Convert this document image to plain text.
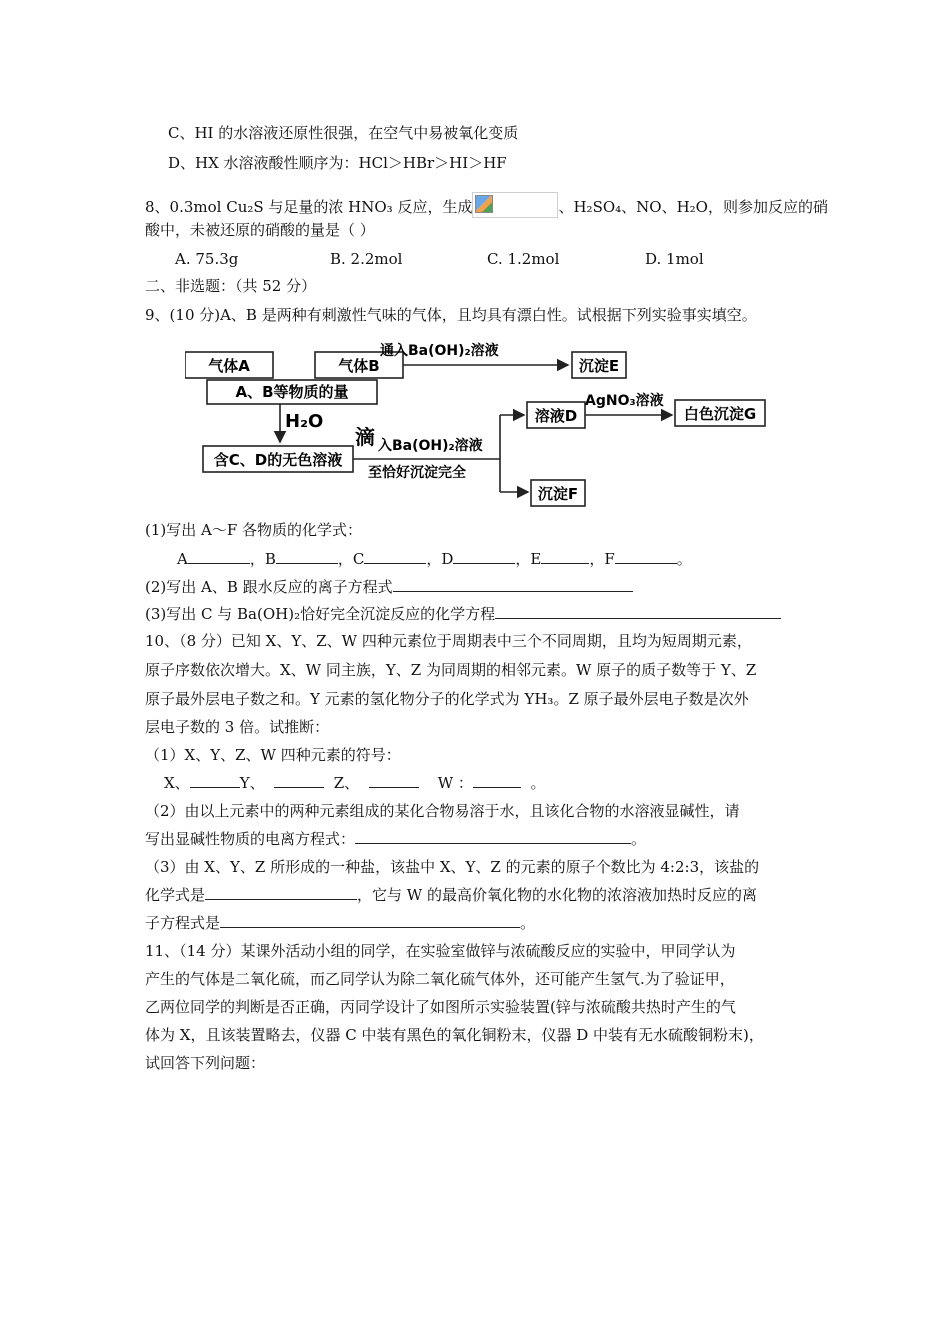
C、HI 的水溶液还原性很强，在空气中易被氧化变质
D、HX 水溶液酸性顺序为：HCl＞HBr＞HI＞HF
8、0.3mol Cu₂S 与足量的浓 HNO₃ 反应，生成	、H₂SO₄、NO、H₂O，则参加反应的硝
酸中，未被还原的硝酸的量是（ ）
A. 75.3g	B. 2.2mol	C. 1.2mol	D. 1mol
二、非选题：（共 52 分）
9、(10 分)A、B 是两种有刺激性气味的气体，且均具有漂白性。试根据下列实验事实填空。
气体A	气体B
A、B等物质的量
通入Ba(OH)₂溶液
沉淀E
H₂O
含C、D的无色溶液
滴 入Ba(OH)₂溶液
至恰好沉淀完全
溶液D
AgNO₃溶液
白色沉淀G
沉淀F
(1)写出 A～F 各物质的化学式：
A	，B	，C	，D	，E	，F	。
(2)写出 A、B 跟水反应的离子方程式
(3)写出 C 与 Ba(OH)₂恰好完全沉淀反应的化学方程
10、（8 分）已知 X、Y、Z、W 四种元素位于周期表中三个不同周期，且均为短周期元素，
原子序数依次增大。X、W 同主族，Y、Z 为同周期的相邻元素。W 原子的质子数等于 Y、Z
原子最外层电子数之和。Y 元素的氢化物分子的化学式为 YH₃。Z 原子最外层电子数是次外
层电子数的 3 倍。试推断：
（1）X、Y、Z、W 四种元素的符号：
X、	Y、	Z、	W ：	。
（2）由以上元素中的两种元素组成的某化合物易溶于水，且该化合物的水溶液显碱性，请
写出显碱性物质的电离方程式：	。
（3）由 X、Y、Z 所形成的一种盐，该盐中 X、Y、Z 的元素的原子个数比为 4:2:3，该盐的
化学式是	，它与 W 的最高价氧化物的水化物的浓溶液加热时反应的离
子方程式是	。
11、（14 分）某课外活动小组的同学，在实验室做锌与浓硫酸反应的实验中，甲同学认为
产生的气体是二氧化硫，而乙同学认为除二氧化硫气体外，还可能产生氢气.为了验证甲，
乙两位同学的判断是否正确，丙同学设计了如图所示实验装置(锌与浓硫酸共热时产生的气
体为 X，且该装置略去，仪器 C 中装有黑色的氧化铜粉末，仪器 D 中装有无水硫酸铜粉末)，
试回答下列问题：
